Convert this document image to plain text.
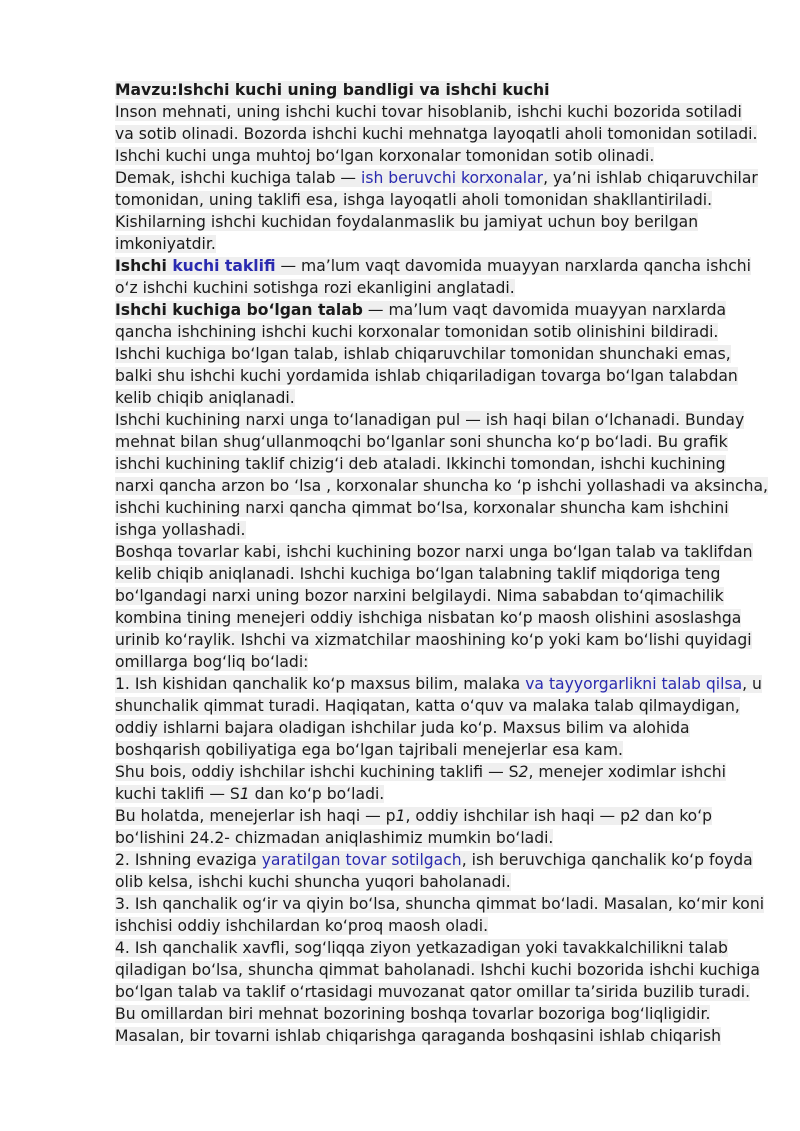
Mavzu:Ishchi kuchi uning bandligi va ishchi kuchi
Inson mehnati, uning ishchi kuchi tovar hisoblanib, ishchi kuchi bozorida sotiladi
va sotib olinadi. Bozorda ishchi kuchi mehnatga layoqatli aholi tomonidan sotiladi.
Ishchi kuchi unga muhtoj bo‘lgan korxonalar tomonidan sotib olinadi.
Demak, ishchi kuchiga talab — ish beruvchi korxonalar, ya’ni ishlab chiqaruvchilar
tomonidan, uning taklifi esa, ishga layoqatli aholi tomonidan shakllantiriladi.
Kishilarning ishchi kuchidan foydalanmaslik bu jamiyat uchun boy berilgan
imkoniyatdir.
Ishchi kuchi taklifi — ma’lum vaqt davomida muayyan narxlarda qancha ishchi
o‘z ishchi kuchini sotishga rozi ekanligini anglatadi.
Ishchi kuchiga bo‘lgan talab — ma’lum vaqt davomida muayyan narxlarda
qancha ishchining ishchi kuchi korxonalar tomonidan sotib olinishini bildiradi.
Ishchi kuchiga bo‘lgan talab, ishlab chiqaruvchilar tomonidan shunchaki emas,
balki shu ishchi kuchi yordamida ishlab chiqariladigan tovarga bo‘lgan talabdan
kelib chiqib aniqlanadi.
Ishchi kuchining narxi unga to‘lanadigan pul — ish haqi bilan o‘lchanadi. Bunday
mehnat bilan shug‘ullanmoqchi bo‘lganlar soni shuncha ko‘p bo‘ladi. Bu grafik
ishchi kuchining taklif chizig‘i deb ataladi. Ikkinchi tomondan, ishchi kuchining
narxi qancha arzon bo ‘lsa , korxonalar shuncha ko ‘p ishchi yollashadi va aksincha,
ishchi kuchining narxi qancha qimmat bo‘lsa, korxonalar shuncha kam ishchini
ishga yollashadi.
Boshqa tovarlar kabi, ishchi kuchining bozor narxi unga bo‘lgan talab va taklifdan
kelib chiqib aniqlanadi. Ishchi kuchiga bo‘lgan talabning taklif miqdoriga teng
bo‘lgandagi narxi uning bozor narxini belgilaydi. Nima sababdan to‘qimachilik
kombina tining menejeri oddiy ishchiga nisbatan ko‘p maosh olishini asoslashga
urinib ko‘raylik. Ishchi va xizmatchilar maoshining ko‘p yoki kam bo‘lishi quyidagi
omillarga bog‘liq bo‘ladi:
1. Ish kishidan qanchalik ko‘p maxsus bilim, malaka va tayyorgarlikni talab qilsa, u
shunchalik qimmat turadi. Haqiqatan, katta o‘quv va malaka talab qilmaydigan,
oddiy ishlarni bajara oladigan ishchilar juda ko‘p. Maxsus bilim va alohida
boshqarish qobiliyatiga ega bo‘lgan tajribali menejerlar esa kam.
Shu bois, oddiy ishchilar ishchi kuchining taklifi — S2, menejer xodimlar ishchi
kuchi taklifi — S1 dan ko‘p bo‘ladi.
Bu holatda, menejerlar ish haqi — p1, oddiy ishchilar ish haqi — p2 dan ko‘p
bo‘lishini 24.2- chizmadan aniqlashimiz mumkin bo‘ladi.
2. Ishning evaziga yaratilgan tovar sotilgach, ish beruvchiga qanchalik ko‘p foyda
olib kelsa, ishchi kuchi shuncha yuqori baholanadi.
3. Ish qanchalik og‘ir va qiyin bo‘lsa, shuncha qimmat bo‘ladi. Masalan, ko‘mir koni
ishchisi oddiy ishchilardan ko‘proq maosh oladi.
4. Ish qanchalik xavfli, sog‘liqqa ziyon yetkazadigan yoki tavakkalchilikni talab
qiladigan bo‘lsa, shuncha qimmat baholanadi. Ishchi kuchi bozorida ishchi kuchiga
bo‘lgan talab va taklif o‘rtasidagi muvozanat qator omillar ta’sirida buzilib turadi.
Bu omillardan biri mehnat bozorining boshqa tovarlar bozoriga bog‘liqligidir.
Masalan, bir tovarni ishlab chiqarishga qaraganda boshqasini ishlab chiqarish
